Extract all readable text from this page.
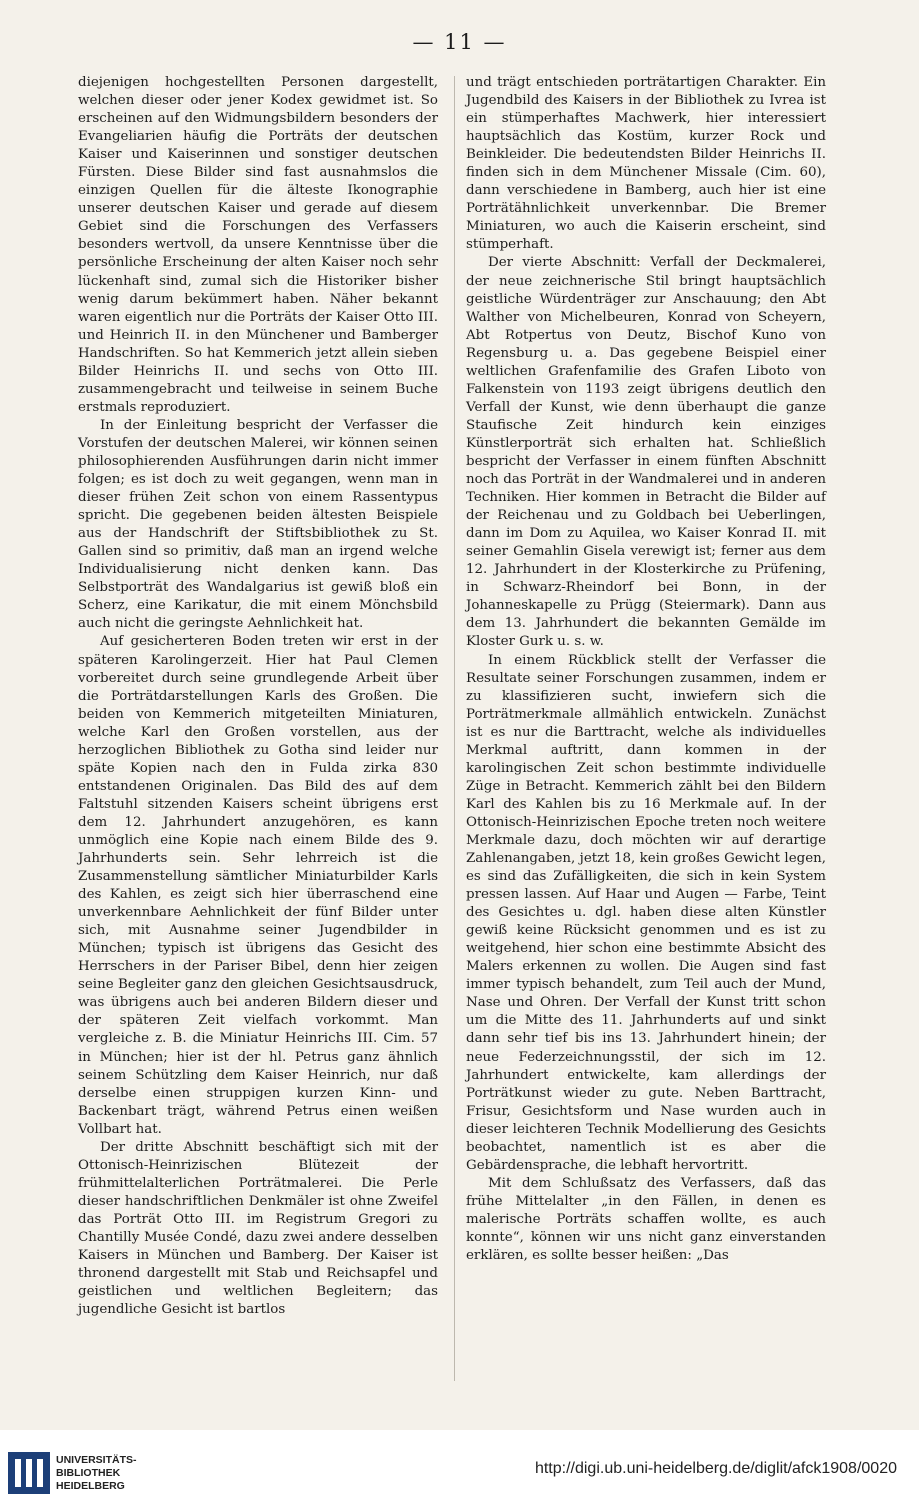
— 11 —

diejenigen hochgestellten Personen dargestellt, welchen dieser oder jener Kodex gewidmet ist. So erscheinen auf den Widmungsbildern besonders der Evangeliarien häufig die Porträts der deutschen Kaiser und Kaiserinnen und sonstiger deutschen Fürsten. Diese Bilder sind fast ausnahmslos die einzigen Quellen für die älteste Ikonographie unserer deutschen Kaiser und gerade auf diesem Gebiet sind die Forschungen des Verfassers besonders wertvoll, da unsere Kenntnisse über die persönliche Erscheinung der alten Kaiser noch sehr lückenhaft sind, zumal sich die Historiker bisher wenig darum bekümmert haben. Näher bekannt waren eigentlich nur die Porträts der Kaiser Otto III. und Heinrich II. in den Münchener und Bamberger Handschriften. So hat Kemmerich jetzt allein sieben Bilder Heinrichs II. und sechs von Otto III. zusammengebracht und teilweise in seinem Buche erstmals reproduziert.

In der Einleitung bespricht der Verfasser die Vorstufen der deutschen Malerei, wir können seinen philosophierenden Ausführungen darin nicht immer folgen; es ist doch zu weit gegangen, wenn man in dieser frühen Zeit schon von einem Rassentypus spricht. Die gegebenen beiden ältesten Beispiele aus der Handschrift der Stiftsbibliothek zu St. Gallen sind so primitiv, daß man an irgend welche Individualisierung nicht denken kann. Das Selbstporträt des Wandalgarius ist gewiß bloß ein Scherz, eine Karikatur, die mit einem Mönchsbild auch nicht die geringste Aehnlichkeit hat.

Auf gesicherteren Boden treten wir erst in der späteren Karolingerzeit. Hier hat Paul Clemen vorbereitet durch seine grundlegende Arbeit über die Porträtdarstellungen Karls des Großen. Die beiden von Kemmerich mitgeteilten Miniaturen, welche Karl den Großen vorstellen, aus der herzoglichen Bibliothek zu Gotha sind leider nur späte Kopien nach den in Fulda zirka 830 entstandenen Originalen. Das Bild des auf dem Faltstuhl sitzenden Kaisers scheint übrigens erst dem 12. Jahrhundert anzugehören, es kann unmöglich eine Kopie nach einem Bilde des 9. Jahrhunderts sein. Sehr lehrreich ist die Zusammenstellung sämtlicher Miniaturbilder Karls des Kahlen, es zeigt sich hier überraschend eine unverkennbare Aehnlichkeit der fünf Bilder unter sich, mit Ausnahme seiner Jugendbilder in München; typisch ist übrigens das Gesicht des Herrschers in der Pariser Bibel, denn hier zeigen seine Begleiter ganz den gleichen Gesichtsausdruck, was übrigens auch bei anderen Bildern dieser und der späteren Zeit vielfach vorkommt. Man vergleiche z. B. die Miniatur Heinrichs III. Cim. 57 in München; hier ist der hl. Petrus ganz ähnlich seinem Schützling dem Kaiser Heinrich, nur daß derselbe einen struppigen kurzen Kinn- und Backenbart trägt, während Petrus einen weißen Vollbart hat.

Der dritte Abschnitt beschäftigt sich mit der Ottonisch-Heinrizischen Blütezeit der frühmittelalterlichen Porträtmalerei. Die Perle dieser handschriftlichen Denkmäler ist ohne Zweifel das Porträt Otto III. im Registrum Gregori zu Chantilly Musée Condé, dazu zwei andere desselben Kaisers in München und Bamberg. Der Kaiser ist thronend dargestellt mit Stab und Reichsapfel und geistlichen und weltlichen Begleitern; das jugendliche Gesicht ist bartlos

und trägt entschieden porträtartigen Charakter. Ein Jugendbild des Kaisers in der Bibliothek zu Ivrea ist ein stümperhaftes Machwerk, hier interessiert hauptsächlich das Kostüm, kurzer Rock und Beinkleider. Die bedeutendsten Bilder Heinrichs II. finden sich in dem Münchener Missale (Cim. 60), dann verschiedene in Bamberg, auch hier ist eine Porträtähnlichkeit unverkennbar. Die Bremer Miniaturen, wo auch die Kaiserin erscheint, sind stümperhaft.

Der vierte Abschnitt: Verfall der Deckmalerei, der neue zeichnerische Stil bringt hauptsächlich geistliche Würdenträger zur Anschauung; den Abt Walther von Michelbeuren, Konrad von Scheyern, Abt Rotpertus von Deutz, Bischof Kuno von Regensburg u. a. Das gegebene Beispiel einer weltlichen Grafenfamilie des Grafen Liboto von Falkenstein von 1193 zeigt übrigens deutlich den Verfall der Kunst, wie denn überhaupt die ganze Staufische Zeit hindurch kein einziges Künstlerporträt sich erhalten hat. Schließlich bespricht der Verfasser in einem fünften Abschnitt noch das Porträt in der Wandmalerei und in anderen Techniken. Hier kommen in Betracht die Bilder auf der Reichenau und zu Goldbach bei Ueberlingen, dann im Dom zu Aquilea, wo Kaiser Konrad II. mit seiner Gemahlin Gisela verewigt ist; ferner aus dem 12. Jahrhundert in der Klosterkirche zu Prüfening, in Schwarz-Rheindorf bei Bonn, in der Johanneskapelle zu Prügg (Steiermark). Dann aus dem 13. Jahrhundert die bekannten Gemälde im Kloster Gurk u. s. w.

In einem Rückblick stellt der Verfasser die Resultate seiner Forschungen zusammen, indem er zu klassifizieren sucht, inwiefern sich die Porträtmerkmale allmählich entwickeln. Zunächst ist es nur die Barttracht, welche als individuelles Merkmal auftritt, dann kommen in der karolingischen Zeit schon bestimmte individuelle Züge in Betracht. Kemmerich zählt bei den Bildern Karl des Kahlen bis zu 16 Merkmale auf. In der Ottonisch-Heinrizischen Epoche treten noch weitere Merkmale dazu, doch möchten wir auf derartige Zahlenangaben, jetzt 18, kein großes Gewicht legen, es sind das Zufälligkeiten, die sich in kein System pressen lassen. Auf Haar und Augen — Farbe, Teint des Gesichtes u. dgl. haben diese alten Künstler gewiß keine Rücksicht genommen und es ist zu weitgehend, hier schon eine bestimmte Absicht des Malers erkennen zu wollen. Die Augen sind fast immer typisch behandelt, zum Teil auch der Mund, Nase und Ohren. Der Verfall der Kunst tritt schon um die Mitte des 11. Jahrhunderts auf und sinkt dann sehr tief bis ins 13. Jahrhundert hinein; der neue Federzeichnungsstil, der sich im 12. Jahrhundert entwickelte, kam allerdings der Porträtkunst wieder zu gute. Neben Barttracht, Frisur, Gesichtsform und Nase wurden auch in dieser leichteren Technik Modellierung des Gesichts beobachtet, namentlich ist es aber die Gebärdensprache, die lebhaft hervortritt.

Mit dem Schlußsatz des Verfassers, daß das frühe Mittelalter „in den Fällen, in denen es malerische Porträts schaffen wollte, es auch konnte“, können wir uns nicht ganz einverstanden erklären, es sollte besser heißen: „Das

UNIVERSITÄTS-
BIBLIOTHEK
HEIDELBERG
http://digi.ub.uni-heidelberg.de/diglit/afck1908/0020
